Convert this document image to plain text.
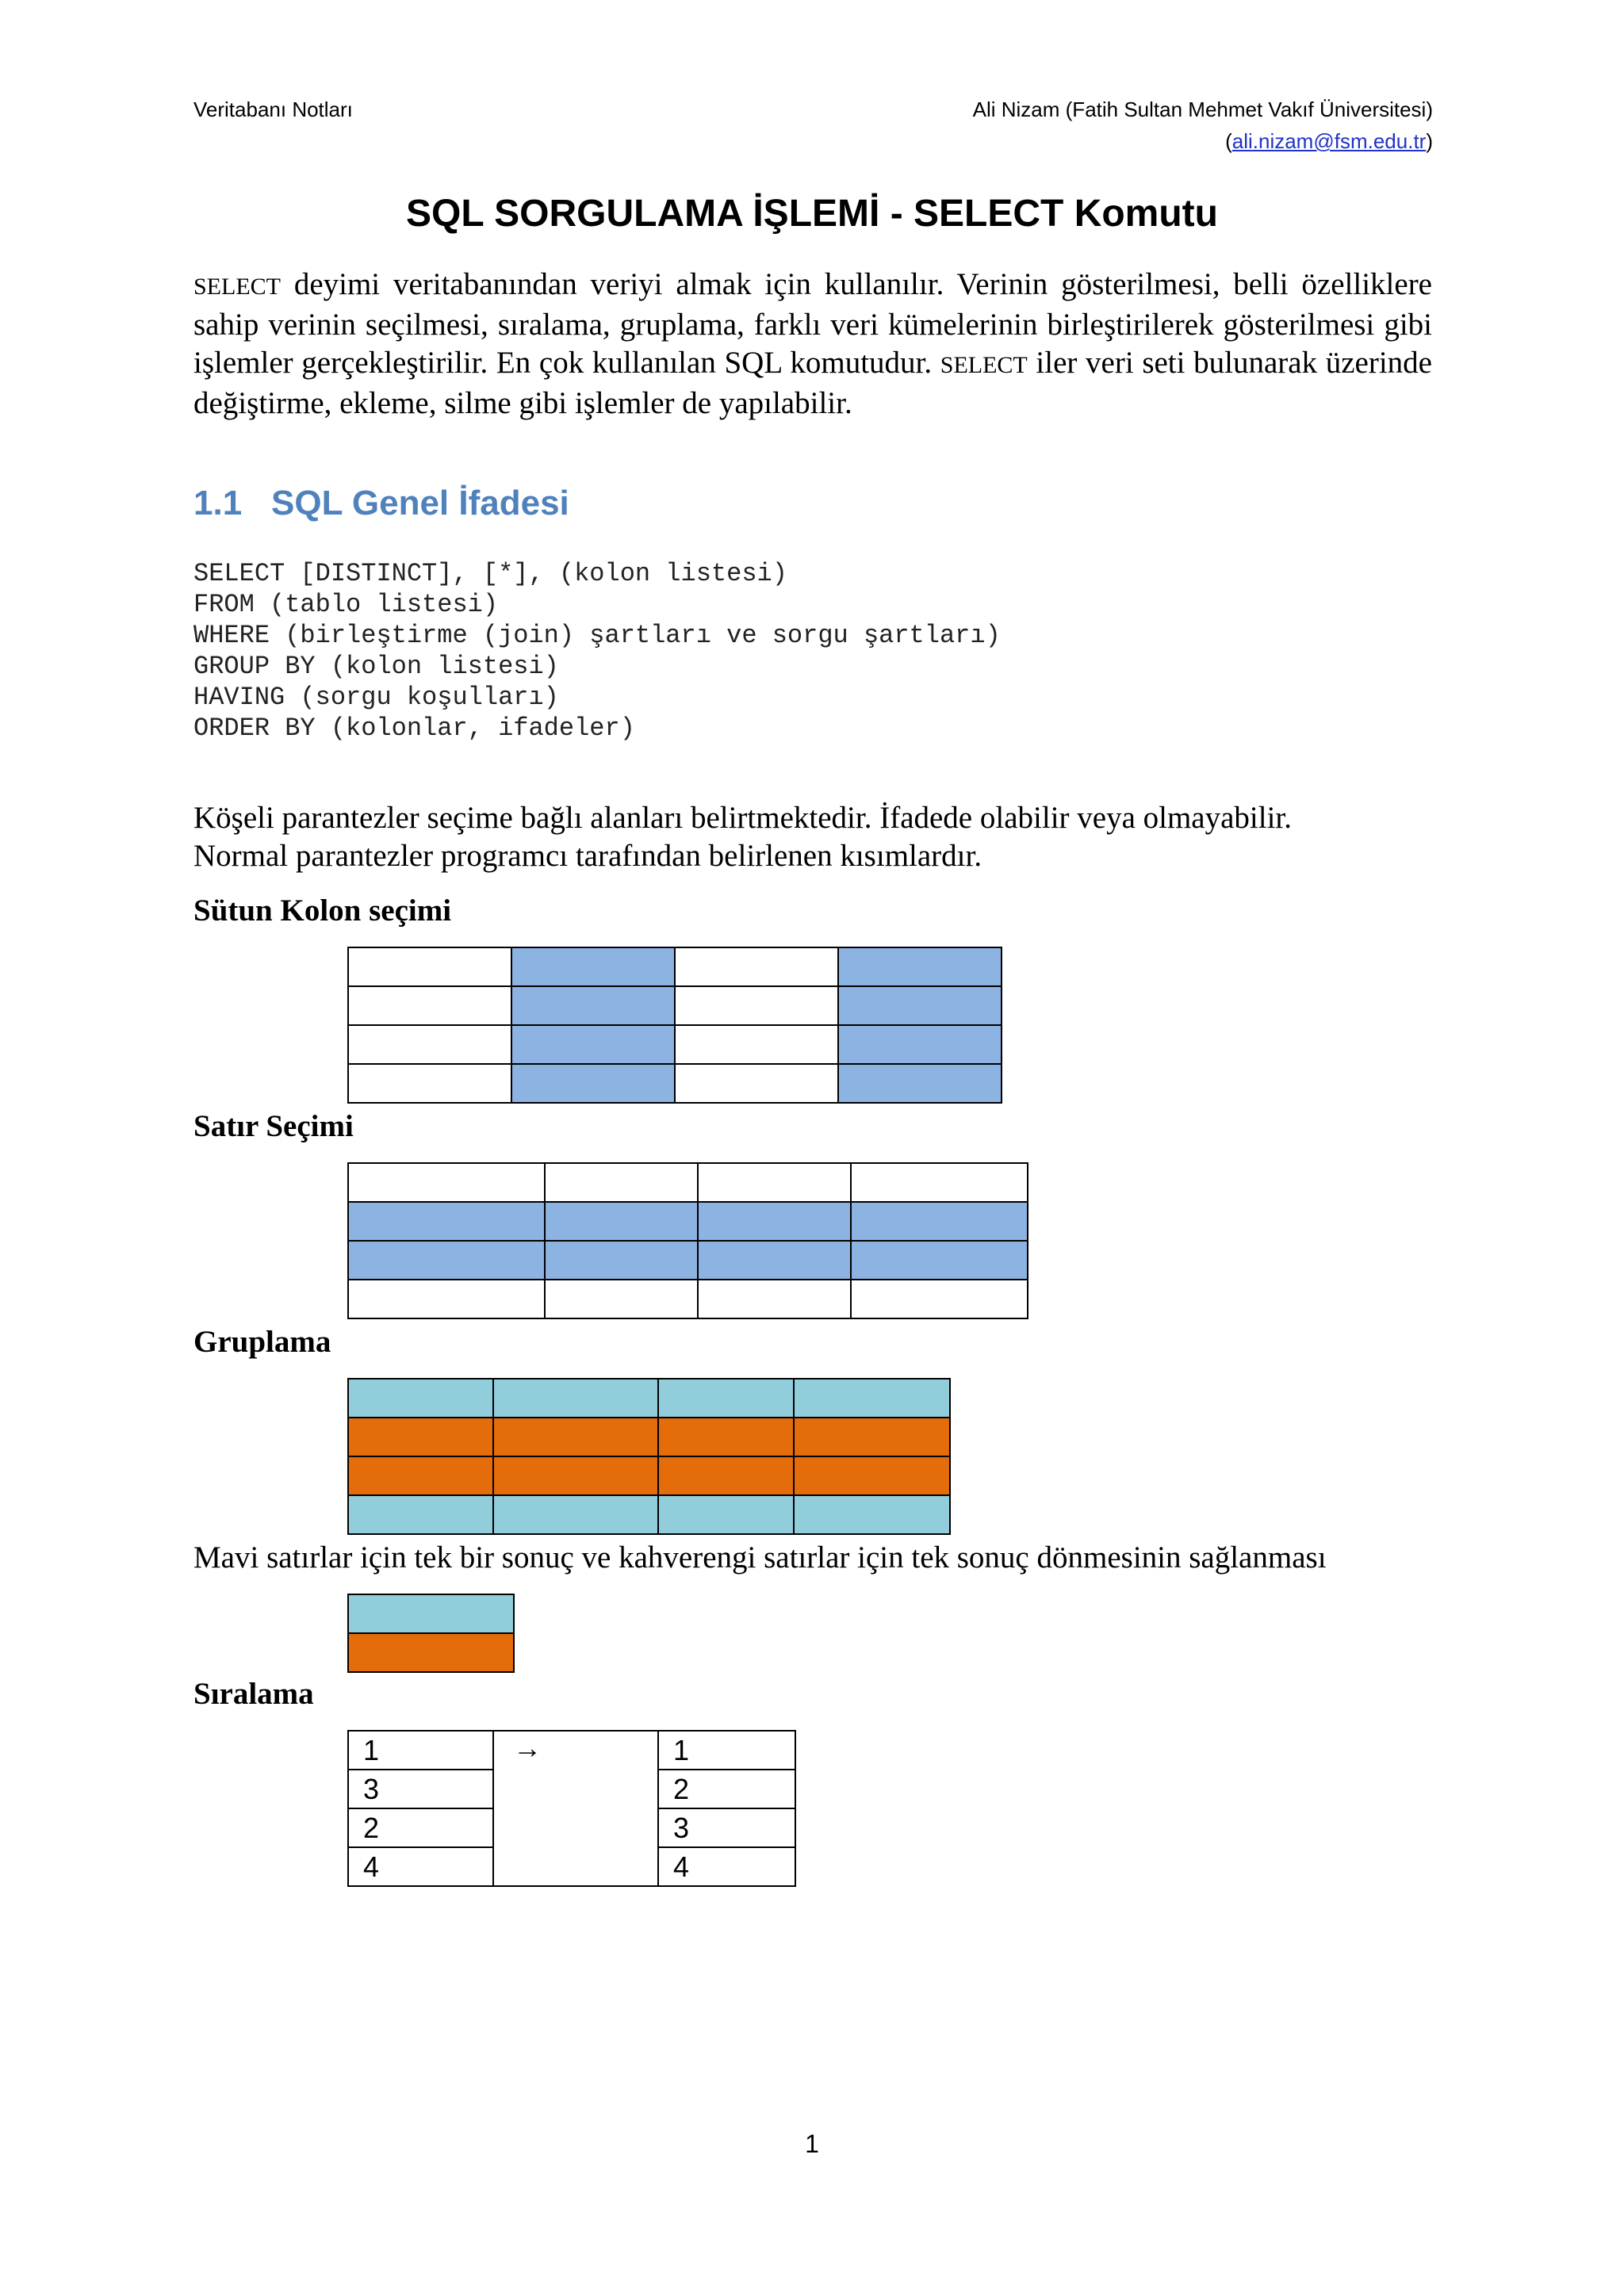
Veritabanı Notları	Ali Nizam (Fatih Sultan Mehmet Vakıf Üniversitesi)
(ali.nizam@fsm.edu.tr)
SQL SORGULAMA İŞLEMİ - SELECT Komutu
SELECT deyimi veritabanından veriyi almak için kullanılır. Verinin gösterilmesi, belli özelliklere sahip verinin seçilmesi, sıralama, gruplama, farklı veri kümelerinin birleştirilerek gösterilmesi gibi işlemler gerçekleştirilir. En çok kullanılan SQL komutudur. SELECT iler veri seti bulunarak üzerinde değiştirme, ekleme, silme gibi işlemler de yapılabilir.
1.1 SQL Genel İfadesi
SELECT [DISTINCT], [*], (kolon listesi)
FROM (tablo listesi)
WHERE (birleştirme (join) şartları ve sorgu şartları)
GROUP BY (kolon listesi)
HAVING (sorgu koşulları)
ORDER BY (kolonlar, ifadeler)
Köşeli parantezler seçime bağlı alanları belirtmektedir. İfadede olabilir veya olmayabilir.
Normal parantezler programcı tarafından belirlenen kısımlardır.
Sütun Kolon seçimi

Satır Seçimi

Gruplama

Mavi satırlar için tek bir sonuç ve kahverengi satırlar için tek sonuç dönmesinin sağlanması

Sıralama
1	→	1
3		2
2		3
4		4
1
